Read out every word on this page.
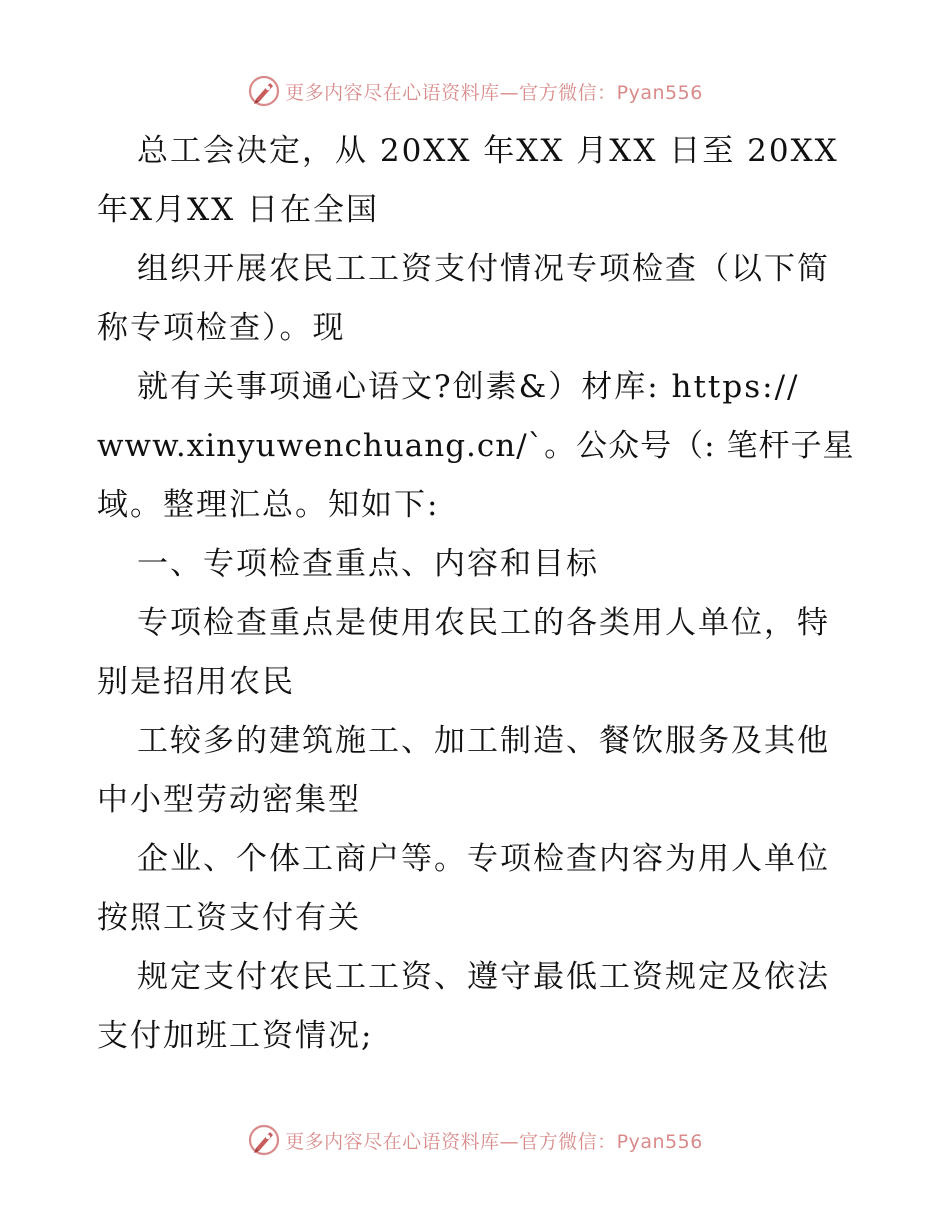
更多内容尽在心语资料库—官方微信：Pyan556
总工会决定，从 20XX 年XX 月XX 日至 20XX
年X月XX 日在全国
组织开展农民工工资支付情况专项检查（以下简
称专项检查）。现
就有关事项通心语文?创素&）材库: https://
www.xinyuwenchuang.cn/`。公众号（: 笔杆子星
域。整理汇总。知如下:
一、专项检查重点、内容和目标
专项检查重点是使用农民工的各类用人单位，特
别是招用农民
工较多的建筑施工、加工制造、餐饮服务及其他
中小型劳动密集型
企业、个体工商户等。专项检查内容为用人单位
按照工资支付有关
规定支付农民工工资、遵守最低工资规定及依法
支付加班工资情况;
更多内容尽在心语资料库—官方微信：Pyan556
